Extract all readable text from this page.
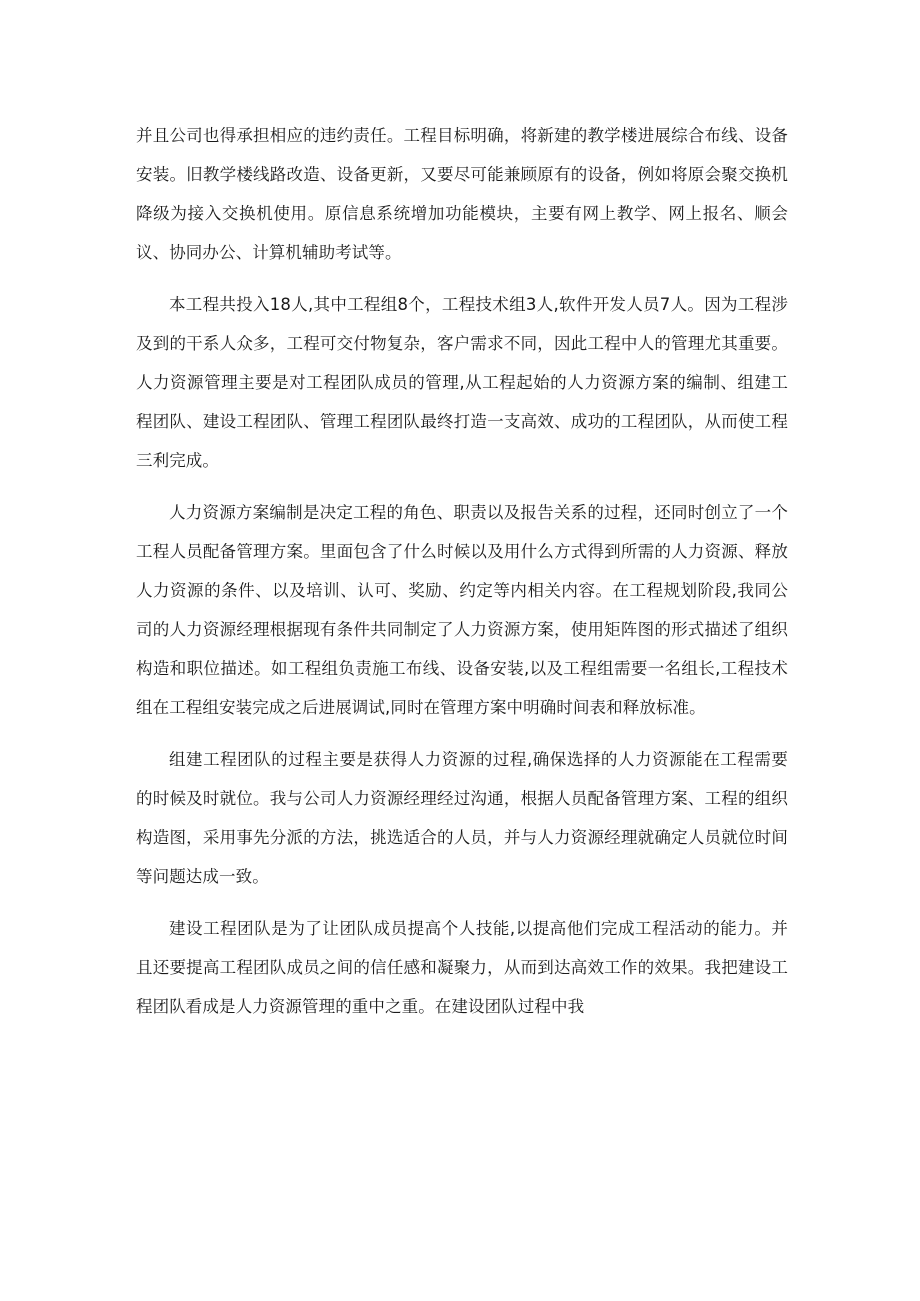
并且公司也得承担相应的违约责任。工程目标明确，将新建的教学楼进展综合布线、设备安装。旧教学楼线路改造、设备更新，又要尽可能兼顾原有的设备，例如将原会聚交换机降级为接入交换机使用。原信息系统增加功能模块，主要有网上教学、网上报名、顺会议、协同办公、计算机辅助考试等。

本工程共投入18人,其中工程组8个，工程技术组3人,软件开发人员7人。因为工程涉及到的干系人众多，工程可交付物复杂，客户需求不同，因此工程中人的管理尤其重要。人力资源管理主要是对工程团队成员的管理,从工程起始的人力资源方案的编制、组建工程团队、建设工程团队、管理工程团队最终打造一支高效、成功的工程团队，从而使工程三利完成。

人力资源方案编制是决定工程的角色、职责以及报告关系的过程，还同时创立了一个工程人员配备管理方案。里面包含了什么时候以及用什么方式得到所需的人力资源、释放人力资源的条件、以及培训、认可、奖励、约定等内相关内容。在工程规划阶段,我同公司的人力资源经理根据现有条件共同制定了人力资源方案，使用矩阵图的形式描述了组织构造和职位描述。如工程组负责施工布线、设备安装,以及工程组需要一名组长,工程技术组在工程组安装完成之后进展调试,同时在管理方案中明确时间表和释放标准。

组建工程团队的过程主要是获得人力资源的过程,确保选择的人力资源能在工程需要的时候及时就位。我与公司人力资源经理经过沟通，根据人员配备管理方案、工程的组织构造图，采用事先分派的方法，挑选适合的人员，并与人力资源经理就确定人员就位时间等问题达成一致。

建设工程团队是为了让团队成员提高个人技能,以提高他们完成工程活动的能力。并且还要提高工程团队成员之间的信任感和凝聚力，从而到达高效工作的效果。我把建设工程团队看成是人力资源管理的重中之重。在建设团队过程中我
